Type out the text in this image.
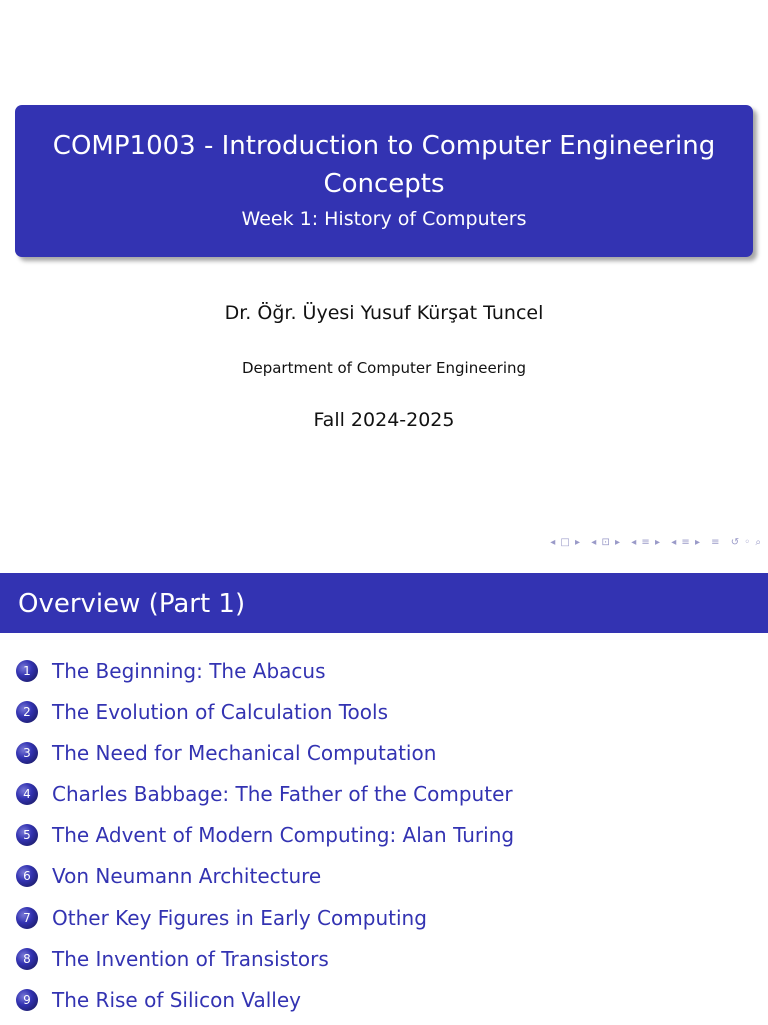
COMP1003 - Introduction to Computer Engineering Concepts
Week 1: History of Computers
Dr. Öğr. Üyesi Yusuf Kürşat Tuncel
Department of Computer Engineering
Fall 2024-2025
◂ □ ▸ ◂ ⊡ ▸ ◂ ≡ ▸ ◂ ≡ ▸ ≡ ↺ ◦ ⌕
Overview (Part 1)
1	The Beginning: The Abacus
2	The Evolution of Calculation Tools
3	The Need for Mechanical Computation
4	Charles Babbage: The Father of the Computer
5	The Advent of Modern Computing: Alan Turing
6	Von Neumann Architecture
7	Other Key Figures in Early Computing
8	The Invention of Transistors
9	The Rise of Silicon Valley
